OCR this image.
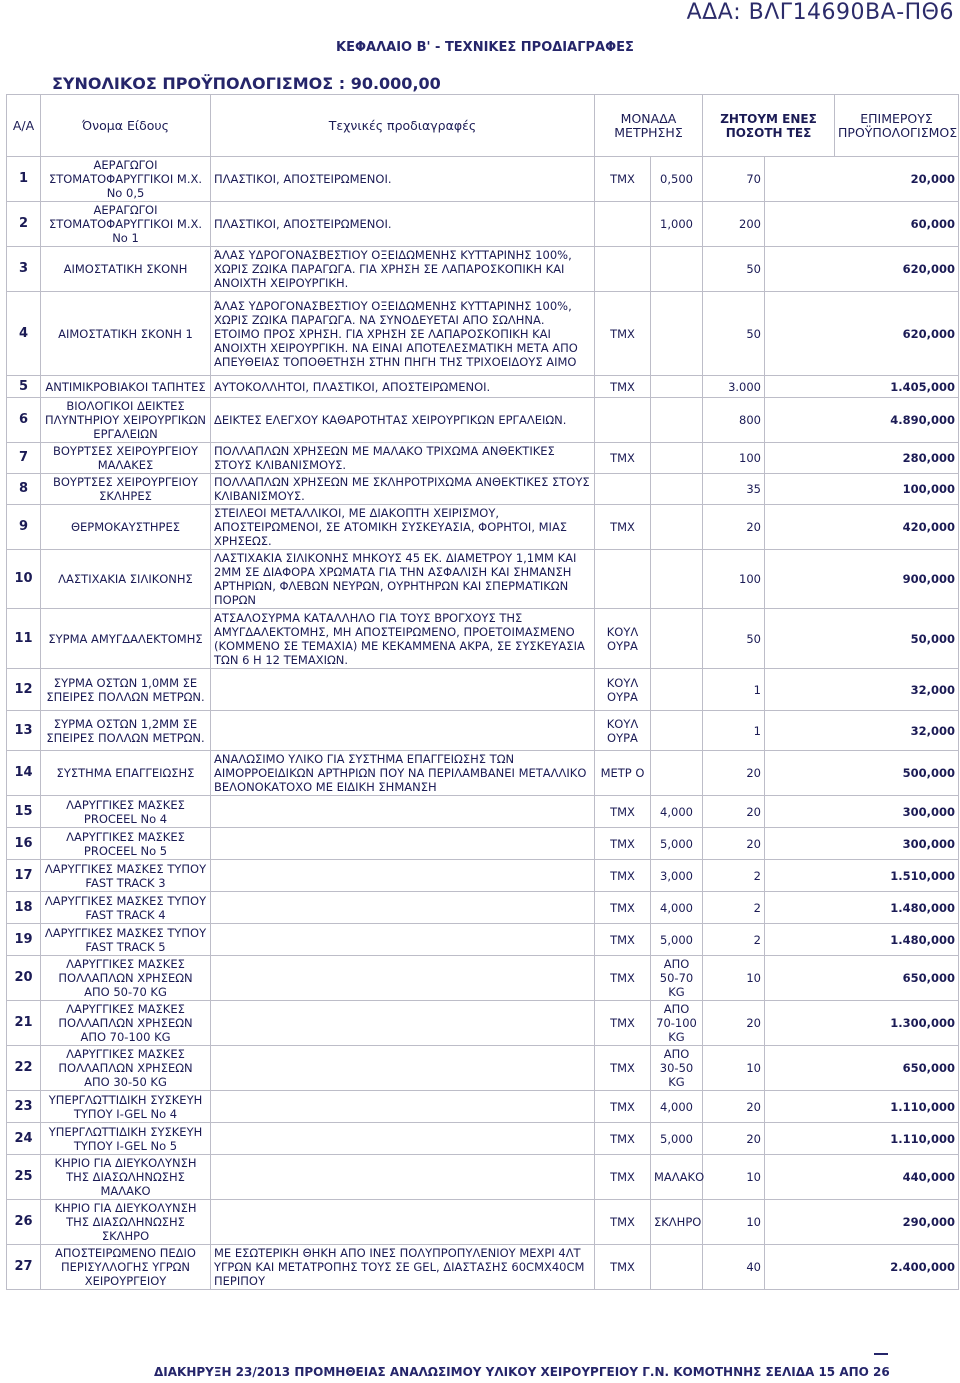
ΑΔΑ: ΒΛΓ14690ΒΑ-ΠΘ6
ΚΕΦΑΛΑΙΟ Β' - ΤΕΧΝΙΚΕΣ ΠΡΟΔΙΑΓΡΑΦΕΣ
ΣΥΝΟΛΙΚΟΣ ΠΡΟΫΠΟΛΟΓΙΣΜΟΣ : 90.000,00
Α/Α	Όνομα Είδους	Τεχνικές προδιαγραφές	ΜΟΝΑΔΑ ΜΕΤΡΗΣΗΣ		ΖΗΤΟΥΜ ΕΝΕΣ ΠΟΣΟΤΗ ΤΕΣ		ΕΠΙΜΕΡΟΥΣ ΠΡΟΫΠΟΛΟΓΙΣΜΟΣ
1	ΑΕΡΑΓΩΓΟΙ ΣΤΟΜΑΤΟΦΑΡΥΓΓΙΚΟΙ Μ.Χ. Νο 0,5	ΠΛΑΣΤΙΚΟΙ, ΑΠΟΣΤΕΙΡΩΜΕΝΟΙ.	ΤΜΧ	0,500	70	20,000	
2	ΑΕΡΑΓΩΓΟΙ ΣΤΟΜΑΤΟΦΑΡΥΓΓΙΚΟΙ Μ.Χ. Νο 1	ΠΛΑΣΤΙΚΟΙ, ΑΠΟΣΤΕΙΡΩΜΕΝΟΙ.		1,000	200	60,000	
3	ΑΙΜΟΣΤΑΤΙΚΗ ΣΚΟΝΗ	ΆΛΑΣ ΥΔΡΟΓΟΝΑΣΒΕΣΤΙΟΥ ΟΞΕΙΔΩΜΕΝΗΣ ΚΥΤΤΑΡΙΝΗΣ 100%, ΧΩΡΙΣ ΖΩΙΚΑ ΠΑΡΑΓΩΓΑ. ΓΙΑ ΧΡΗΣΗ ΣΕ ΛΑΠΑΡΟΣΚΟΠΙΚΗ ΚΑΙ ΑΝΟΙΧΤΗ ΧΕΙΡΟΥΡΓΙΚΗ.			50	620,000	
4	ΑΙΜΟΣΤΑΤΙΚΗ ΣΚΟΝΗ 1	ΆΛΑΣ ΥΔΡΟΓΟΝΑΣΒΕΣΤΙΟΥ ΟΞΕΙΔΩΜΕΝΗΣ ΚΥΤΤΑΡΙΝΗΣ 100%, ΧΩΡΙΣ ΖΩΙΚΑ ΠΑΡΑΓΩΓΑ. ΝΑ ΣΥΝΟΔΕΥΕΤΑΙ ΑΠΟ ΣΩΛΗΝΑ. ΕΤΟΙΜΟ ΠΡΟΣ ΧΡΗΣΗ. ΓΙΑ ΧΡΗΣΗ ΣΕ ΛΑΠΑΡΟΣΚΟΠΙΚΗ ΚΑΙ ΑΝΟΙΧΤΗ ΧΕΙΡΟΥΡΓΙΚΗ. ΝΑ ΕΙΝΑΙ ΑΠΟΤΕΛΕΣΜΑΤΙΚΗ ΜΕΤΑ ΑΠΟ ΑΠΕΥΘΕΙΑΣ ΤΟΠΟΘΕΤΗΣΗ ΣΤΗΝ ΠΗΓΗ ΤΗΣ ΤΡΙΧΟΕΙΔΟΥΣ ΑΙΜΟ	ΤΜΧ		50	620,000	
5	ΑΝΤΙΜΙΚΡΟΒΙΑΚΟΙ ΤΑΠΗΤΕΣ	ΑΥΤΟΚΟΛΛΗΤΟΙ, ΠΛΑΣΤΙΚΟΙ, ΑΠΟΣΤΕΙΡΩΜΕΝΟΙ.	ΤΜΧ		3.000	1.405,000	
6	ΒΙΟΛΟΓΙΚΟΙ ΔΕΙΚΤΕΣ ΠΛΥΝΤΗΡΙΟΥ ΧΕΙΡΟΥΡΓΙΚΩΝ ΕΡΓΑΛΕΙΩΝ	ΔΕΙΚΤΕΣ ΕΛΕΓΧΟΥ ΚΑΘΑΡΟΤΗΤΑΣ ΧΕΙΡΟΥΡΓΙΚΩΝ ΕΡΓΑΛΕΙΩΝ.			800	4.890,000	
7	ΒΟΥΡΤΣΕΣ ΧΕΙΡΟΥΡΓΕΙΟΥ ΜΑΛΑΚΕΣ	ΠΟΛΛΑΠΛΩΝ ΧΡΗΣΕΩΝ ΜΕ ΜΑΛΑΚΟ ΤΡΙΧΩΜΑ ΑΝΘΕΚΤΙΚΕΣ ΣΤΟΥΣ ΚΛΙΒΑΝΙΣΜΟΥΣ.	ΤΜΧ		100	280,000	
8	ΒΟΥΡΤΣΕΣ ΧΕΙΡΟΥΡΓΕΙΟΥ ΣΚΛΗΡΕΣ	ΠΟΛΛΑΠΛΩΝ ΧΡΗΣΕΩΝ ΜΕ ΣΚΛΗΡΟΤΡΙΧΩΜΑ ΑΝΘΕΚΤΙΚΕΣ ΣΤΟΥΣ ΚΛΙΒΑΝΙΣΜΟΥΣ.			35	100,000	
9	ΘΕΡΜΟΚΑΥΣΤΗΡΕΣ	ΣΤΕΙΛΕΟΙ ΜΕΤΑΛΛΙΚΟΙ, ΜΕ ΔΙΑΚΟΠΤΗ ΧΕΙΡΙΣΜΟΥ, ΑΠΟΣΤΕΙΡΩΜΕΝΟΙ, ΣΕ ΑΤΟΜΙΚΗ ΣΥΣΚΕΥΑΣΙΑ, ΦΟΡΗΤΟΙ, ΜΙΑΣ ΧΡΗΣΕΩΣ.	ΤΜΧ		20	420,000	
10	ΛΑΣΤΙΧΑΚΙΑ ΣΙΛΙΚΟΝΗΣ	ΛΑΣΤΙΧΑΚΙΑ ΣΙΛΙΚΟΝΗΣ ΜΗΚΟΥΣ 45 ΕΚ. ΔΙΑΜΕΤΡΟΥ 1,1ΜΜ ΚΑΙ 2ΜΜ ΣΕ ΔΙΑΦΟΡΑ ΧΡΩΜΑΤΑ ΓΙΑ ΤΗΝ ΑΣΦΑΛΙΣΗ ΚΑΙ ΣΗΜΑΝΣΗ ΑΡΤΗΡΙΩΝ, ΦΛΕΒΩΝ ΝΕΥΡΩΝ, ΟΥΡΗΤΗΡΩΝ ΚΑΙ ΣΠΕΡΜΑΤΙΚΩΝ ΠΟΡΩΝ			100	900,000	
11	ΣΥΡΜΑ ΑΜΥΓΔΑΛΕΚΤΟΜΗΣ	ΑΤΣΑΛΟΣΥΡΜΑ ΚΑΤΑΛΛΗΛΟ ΓΙΑ ΤΟΥΣ ΒΡΟΓΧΟΥΣ ΤΗΣ ΑΜΥΓΔΑΛΕΚΤΟΜΗΣ, ΜΗ ΑΠΟΣΤΕΙΡΩΜΕΝΟ, ΠΡΟΕΤΟΙΜΑΣΜΕΝΟ (ΚΟΜΜΕΝΟ ΣΕ ΤΕΜΑΧΙΑ) ΜΕ ΚΕΚΑΜΜΕΝΑ ΑΚΡΑ, ΣΕ ΣΥΣΚΕΥΑΣΙΑ ΤΩΝ 6 Η 12 ΤΕΜΑΧΙΩΝ.	ΚΟΥΛ ΟΥΡΑ		50	50,000	
12	ΣΥΡΜΑ ΟΣΤΩΝ 1,0ΜΜ ΣΕ ΣΠΕΙΡΕΣ ΠΟΛΛΩΝ ΜΕΤΡΩΝ.		ΚΟΥΛ ΟΥΡΑ		1	32,000	
13	ΣΥΡΜΑ ΟΣΤΩΝ 1,2ΜΜ ΣΕ ΣΠΕΙΡΕΣ ΠΟΛΛΩΝ ΜΕΤΡΩΝ.		ΚΟΥΛ ΟΥΡΑ		1	32,000	
14	ΣΥΣΤΗΜΑ ΕΠΑΓΓΕΙΩΣΗΣ	ΑΝΑΛΩΣΙΜΟ ΥΛΙΚΟ ΓΙΑ ΣΥΣΤΗΜΑ ΕΠΑΓΓΕΙΩΣΗΣ ΤΩΝ ΑΙΜΟΡΡΟΕΙΔΙΚΩΝ ΑΡΤΗΡΙΩΝ ΠΟΥ ΝΑ ΠΕΡΙΛΑΜΒΑΝΕΙ ΜΕΤΑΛΛΙΚΟ ΒΕΛΟΝΟΚΑΤΟΧΟ ΜΕ ΕΙΔΙΚΗ ΣΗΜΑΝΣΗ	ΜΕΤΡ Ο		20	500,000	
15	ΛΑΡΥΓΓΙΚΕΣ ΜΑΣΚΕΣ PROCEEL No 4		ΤΜΧ	4,000	20	300,000	
16	ΛΑΡΥΓΓΙΚΕΣ ΜΑΣΚΕΣ PROCEEL No 5		ΤΜΧ	5,000	20	300,000	
17	ΛΑΡΥΓΓΙΚΕΣ ΜΑΣΚΕΣ ΤΥΠΟΥ FAST TRACK 3		ΤΜΧ	3,000	2	1.510,000	
18	ΛΑΡΥΓΓΙΚΕΣ ΜΑΣΚΕΣ ΤΥΠΟΥ FAST TRACK 4		ΤΜΧ	4,000	2	1.480,000	
19	ΛΑΡΥΓΓΙΚΕΣ ΜΑΣΚΕΣ ΤΥΠΟΥ FAST TRACK 5		ΤΜΧ	5,000	2	1.480,000	
20	ΛΑΡΥΓΓΙΚΕΣ ΜΑΣΚΕΣ ΠΟΛΛΑΠΛΩΝ ΧΡΗΣΕΩΝ ΑΠΟ 50-70 KG		ΤΜΧ	ΑΠΟ 50-70 KG	10	650,000	
21	ΛΑΡΥΓΓΙΚΕΣ ΜΑΣΚΕΣ ΠΟΛΛΑΠΛΩΝ ΧΡΗΣΕΩΝ ΑΠΟ 70-100 KG		ΤΜΧ	ΑΠΟ 70-100 KG	20	1.300,000	
22	ΛΑΡΥΓΓΙΚΕΣ ΜΑΣΚΕΣ ΠΟΛΛΑΠΛΩΝ ΧΡΗΣΕΩΝ ΑΠΟ 30-50 KG		ΤΜΧ	ΑΠΟ 30-50 KG	10	650,000	
23	ΥΠΕΡΓΛΩΤΤΙΔΙΚΗ ΣΥΣΚΕΥΗ ΤΥΠΟΥ I-GEL No 4		ΤΜΧ	4,000	20	1.110,000	
24	ΥΠΕΡΓΛΩΤΤΙΔΙΚΗ ΣΥΣΚΕΥΗ ΤΥΠΟΥ I-GEL No 5		ΤΜΧ	5,000	20	1.110,000	
25	ΚΗΡΙΟ ΓΙΑ ΔΙΕΥΚΟΛΥΝΣΗ ΤΗΣ ΔΙΑΣΩΛΗΝΩΣΗΣ ΜΑΛΑΚΟ		ΤΜΧ	ΜΑΛΑΚΟ	10	440,000	
26	ΚΗΡΙΟ ΓΙΑ ΔΙΕΥΚΟΛΥΝΣΗ ΤΗΣ ΔΙΑΣΩΛΗΝΩΣΗΣ ΣΚΛΗΡΟ		ΤΜΧ	ΣΚΛΗΡΟ	10	290,000	
27	ΑΠΟΣΤΕΙΡΩΜΕΝΟ ΠΕΔΙΟ ΠΕΡΙΣΥΛΛΟΓΗΣ ΥΓΡΩΝ ΧΕΙΡΟΥΡΓΕΙΟΥ	ΜΕ ΕΣΩΤΕΡΙΚΗ ΘΗΚΗ ΑΠΟ ΙΝΕΣ ΠΟΛΥΠΡΟΠΥΛΕΝΙΟΥ ΜΕΧΡΙ 4ΛΤ ΥΓΡΩΝ ΚΑΙ ΜΕΤΑΤΡΟΠΗΣ ΤΟΥΣ ΣΕ GEL, ΔΙΑΣΤΑΣΗΣ 60CMX40CM ΠΕΡΙΠΟΥ	ΤΜΧ		40	2.400,000	
ΔΙΑΚΗΡΥΞΗ 23/2013 ΠΡΟΜΗΘΕΙΑΣ ΑΝΑΛΩΣΙΜΟΥ ΥΛΙΚΟΥ ΧΕΙΡΟΥΡΓΕΙΟΥ Γ.Ν. ΚΟΜΟΤΗΝΗΣ ΣΕΛΙΔΑ 15 ΑΠΟ 26
